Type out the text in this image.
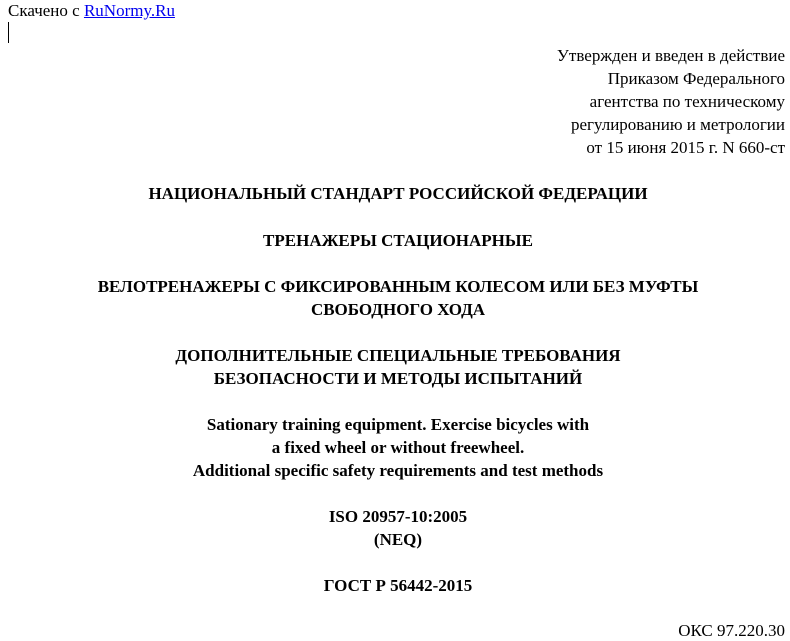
Скачено с RuNormy.Ru
Утвержден и введен в действие
Приказом Федерального
агентства по техническому
регулированию и метрологии
от 15 июня 2015 г. N 660-ст
НАЦИОНАЛЬНЫЙ СТАНДАРТ РОССИЙСКОЙ ФЕДЕРАЦИИ
ТРЕНАЖЕРЫ СТАЦИОНАРНЫЕ
ВЕЛОТРЕНАЖЕРЫ С ФИКСИРОВАННЫМ КОЛЕСОМ ИЛИ БЕЗ МУФТЫ
СВОБОДНОГО ХОДА
ДОПОЛНИТЕЛЬНЫЕ СПЕЦИАЛЬНЫЕ ТРЕБОВАНИЯ
БЕЗОПАСНОСТИ И МЕТОДЫ ИСПЫТАНИЙ
Sationary training equipment. Exercise bicycles with
a fixed wheel or without freewheel.
Additional specific safety requirements and test methods
ISO 20957-10:2005
(NEQ)
ГОСТ Р 56442-2015
ОКС 97.220.30
